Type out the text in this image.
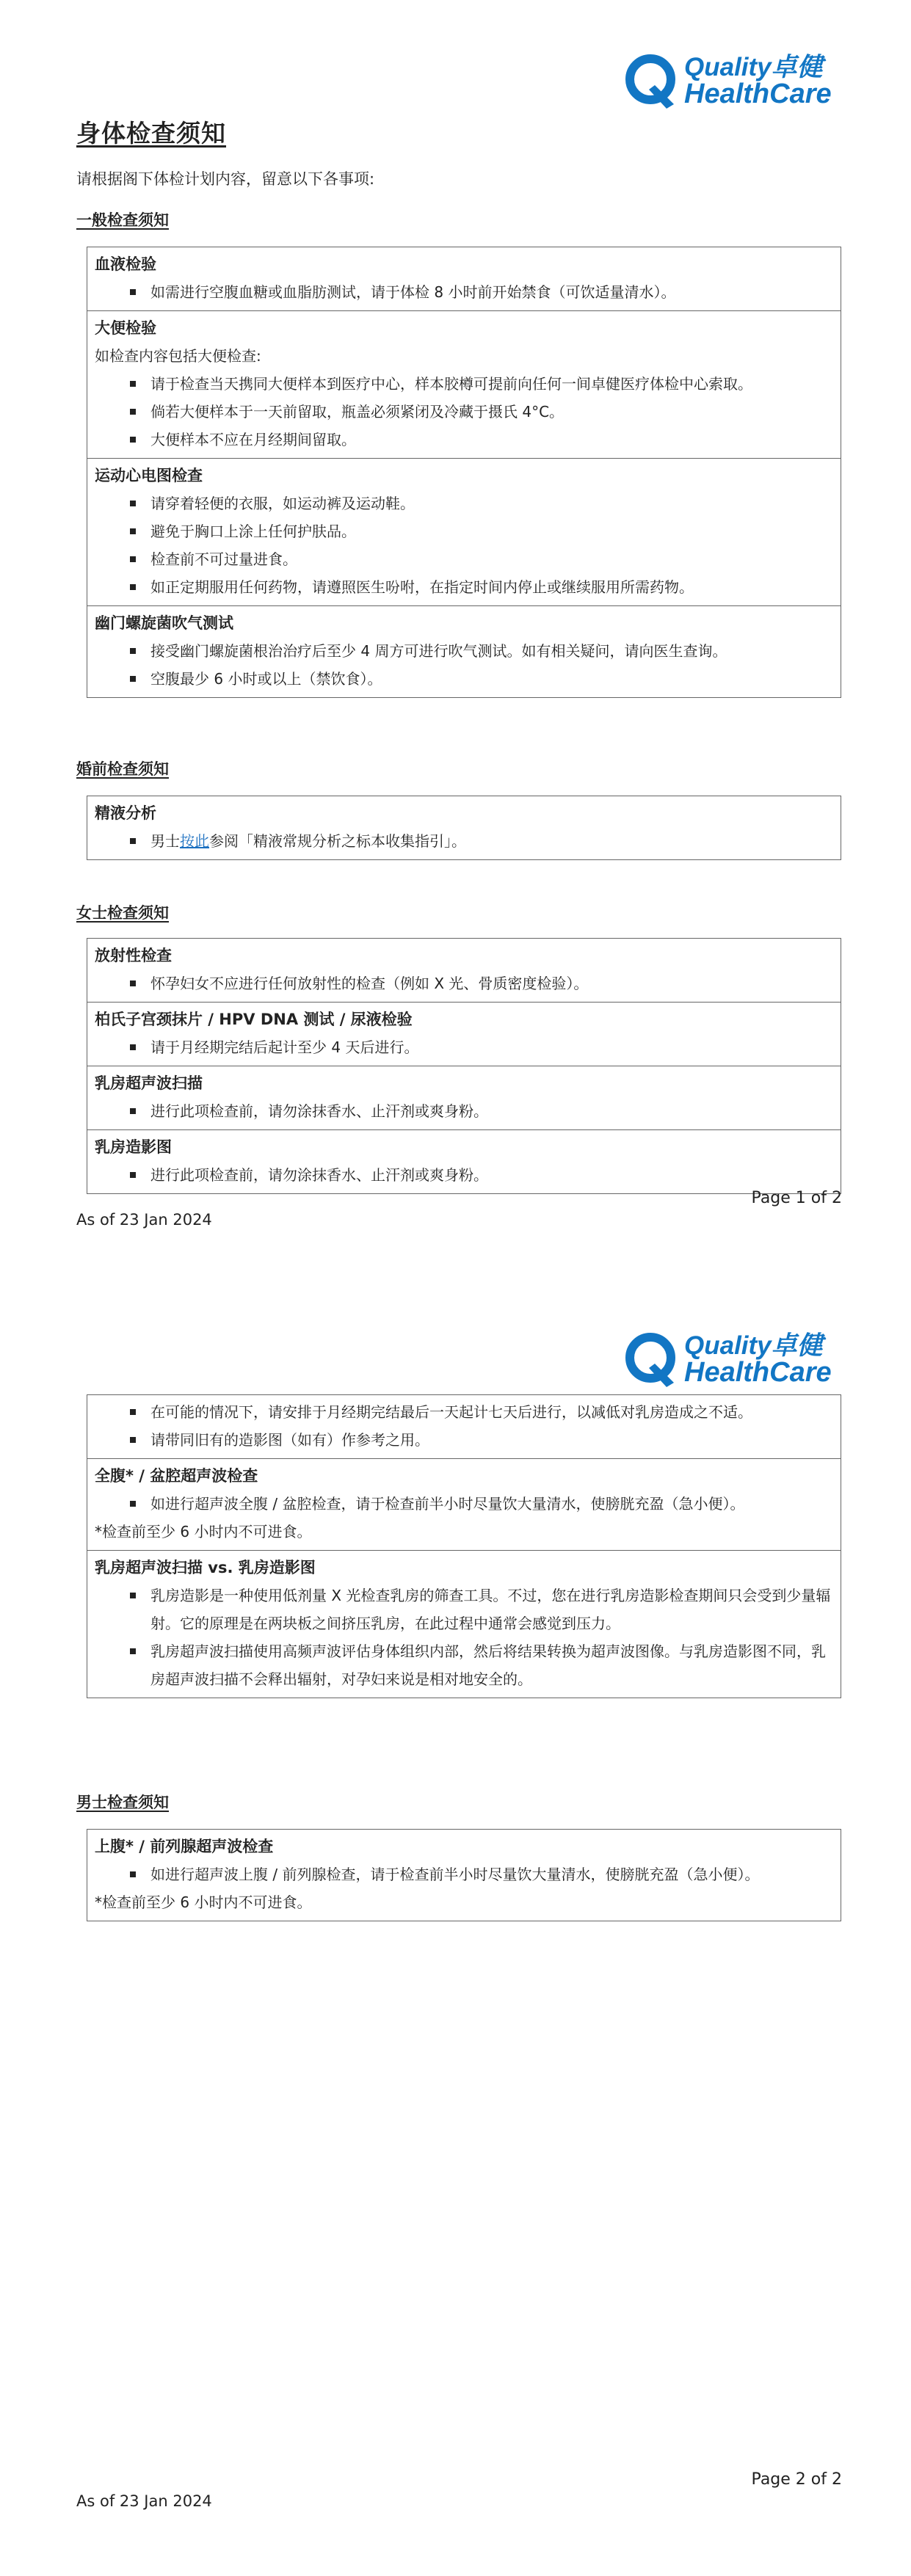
Quality卓健
HealthCare
身体检查须知
请根据阁下体检计划内容，留意以下各事项:
一般检查须知
血液检验
如需进行空腹血糖或血脂肪测试，请于体检 8 小时前开始禁食（可饮适量清水）。
大便检验
如检查内容包括大便检查:
请于检查当天携同大便样本到医疗中心，样本胶樽可提前向任何一间卓健医疗体检中心索取。
倘若大便样本于一天前留取，瓶盖必须紧闭及冷藏于摄氏 4°C。
大便样本不应在月经期间留取。
运动心电图检查
请穿着轻便的衣服，如运动裤及运动鞋。
避免于胸口上涂上任何护肤品。
检查前不可过量进食。
如正定期服用任何药物，请遵照医生吩咐，在指定时间内停止或继续服用所需药物。
幽门螺旋菌吹气测试
接受幽门螺旋菌根治治疗后至少 4 周方可进行吹气测试。如有相关疑问，请向医生查询。
空腹最少 6 小时或以上（禁饮食）。
婚前检查须知
精液分析
男士按此参阅「精液常规分析之标本收集指引」。
女士检查须知
放射性检查
怀孕妇女不应进行任何放射性的检查（例如 X 光、骨质密度检验）。
柏氏子宫颈抹片 / HPV DNA 测试 / 尿液检验
请于月经期完结后起计至少 4 天后进行。
乳房超声波扫描
进行此项检查前，请勿涂抹香水、止汗剂或爽身粉。
乳房造影图
进行此项检查前，请勿涂抹香水、止汗剂或爽身粉。
Page 1 of 2
As of 23 Jan 2024
Quality卓健
HealthCare
在可能的情况下，请安排于月经期完结最后一天起计七天后进行，以减低对乳房造成之不适。
请带同旧有的造影图（如有）作参考之用。
全腹* / 盆腔超声波检查
如进行超声波全腹 / 盆腔检查，请于检查前半小时尽量饮大量清水，使膀胱充盈（急小便）。
*检查前至少 6 小时内不可进食。
乳房超声波扫描 vs. 乳房造影图
乳房造影是一种使用低剂量 X 光检查乳房的筛查工具。不过，您在进行乳房造影检查期间只会受到少量辐射。它的原理是在两块板之间挤压乳房，在此过程中通常会感觉到压力。
乳房超声波扫描使用高频声波评估身体组织内部，然后将结果转换为超声波图像。与乳房造影图不同，乳房超声波扫描不会释出辐射，对孕妇来说是相对地安全的。
男士检查须知
上腹* / 前列腺超声波检查
如进行超声波上腹 / 前列腺检查，请于检查前半小时尽量饮大量清水，使膀胱充盈（急小便）。
*检查前至少 6 小时内不可进食。
Page 2 of 2
As of 23 Jan 2024
